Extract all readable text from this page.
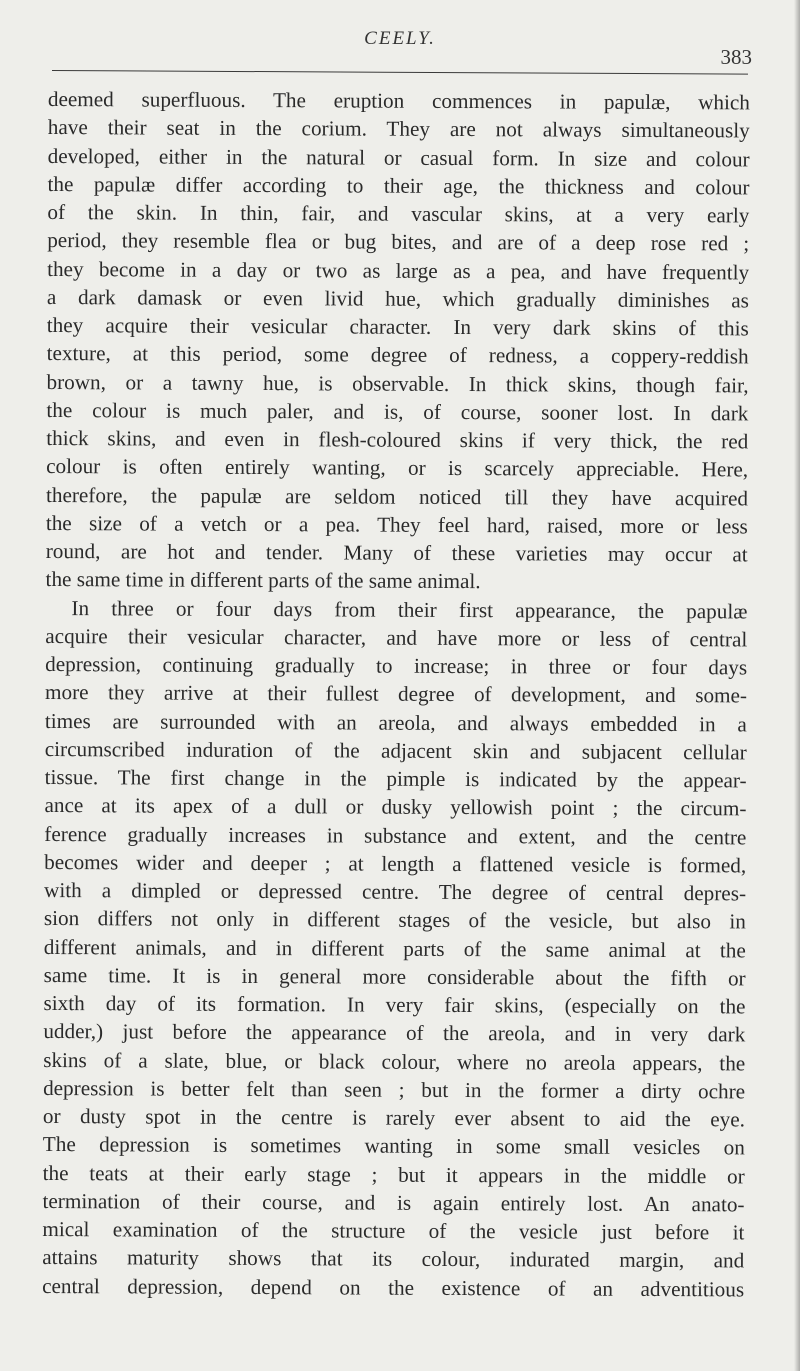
CEELY.
383
deemed superfluous. The eruption commences in papulæ, which
have their seat in the corium. They are not always simultaneously
developed, either in the natural or casual form. In size and colour
the papulæ differ according to their age, the thickness and colour
of the skin. In thin, fair, and vascular skins, at a very early
period, they resemble flea or bug bites, and are of a deep rose red ;
they become in a day or two as large as a pea, and have frequently
a dark damask or even livid hue, which gradually diminishes as
they acquire their vesicular character. In very dark skins of this
texture, at this period, some degree of redness, a coppery-reddish
brown, or a tawny hue, is observable. In thick skins, though fair,
the colour is much paler, and is, of course, sooner lost. In dark
thick skins, and even in flesh-coloured skins if very thick, the red
colour is often entirely wanting, or is scarcely appreciable. Here,
therefore, the papulæ are seldom noticed till they have acquired
the size of a vetch or a pea. They feel hard, raised, more or less
round, are hot and tender. Many of these varieties may occur at
the same time in different parts of the same animal.
In three or four days from their first appearance, the papulæ
acquire their vesicular character, and have more or less of central
depression, continuing gradually to increase; in three or four days
more they arrive at their fullest degree of development, and some-
times are surrounded with an areola, and always embedded in a
circumscribed induration of the adjacent skin and subjacent cellular
tissue. The first change in the pimple is indicated by the appear-
ance at its apex of a dull or dusky yellowish point ; the circum-
ference gradually increases in substance and extent, and the centre
becomes wider and deeper ; at length a flattened vesicle is formed,
with a dimpled or depressed centre. The degree of central depres-
sion differs not only in different stages of the vesicle, but also in
different animals, and in different parts of the same animal at the
same time. It is in general more considerable about the fifth or
sixth day of its formation. In very fair skins, (especially on the
udder,) just before the appearance of the areola, and in very dark
skins of a slate, blue, or black colour, where no areola appears, the
depression is better felt than seen ; but in the former a dirty ochre
or dusty spot in the centre is rarely ever absent to aid the eye.
The depression is sometimes wanting in some small vesicles on
the teats at their early stage ; but it appears in the middle or
termination of their course, and is again entirely lost. An anato-
mical examination of the structure of the vesicle just before it
attains maturity shows that its colour, indurated margin, and
central depression, depend on the existence of an adventitious
